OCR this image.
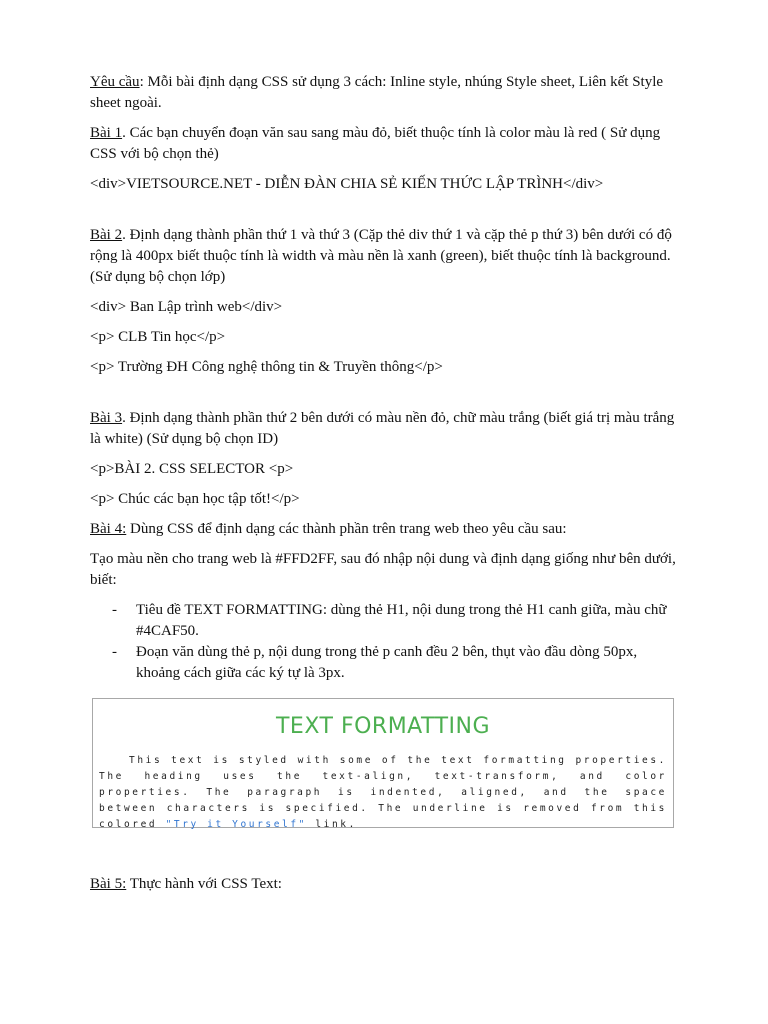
Yêu cầu: Mỗi bài định dạng CSS sử dụng 3 cách: Inline style, nhúng Style sheet, Liên kết Style sheet ngoài.

Bài 1. Các bạn chuyển đoạn văn sau sang màu đỏ, biết thuộc tính là color màu là red ( Sử dụng CSS với bộ chọn thẻ)

<div>VIETSOURCE.NET - DIỄN ĐÀN CHIA SẺ KIẾN THỨC LẬP TRÌNH</div>

Bài 2. Định dạng thành phần thứ 1 và thứ 3 (Cặp thẻ div thứ 1 và cặp thẻ p thứ 3) bên dưới có độ rộng là 400px biết thuộc tính là width và màu nền là xanh (green), biết thuộc tính là background. (Sử dụng bộ chọn lớp)

<div> Ban Lập trình web</div>

<p> CLB Tin học</p>

<p> Trường ĐH Công nghệ thông tin & Truyền thông</p>

Bài 3. Định dạng thành phần thứ 2 bên dưới có màu nền đỏ, chữ màu trắng (biết giá trị màu trắng là white) (Sử dụng bộ chọn ID)

<p>BÀI 2. CSS SELECTOR <p>

<p> Chúc các bạn học tập tốt!</p>

Bài 4: Dùng CSS để định dạng các thành phần trên trang web theo yêu cầu sau:

Tạo màu nền cho trang web là #FFD2FF, sau đó nhập nội dung và định dạng giống như bên dưới, biết:

- Tiêu đề TEXT FORMATTING: dùng thẻ H1, nội dung trong thẻ H1 canh giữa, màu chữ #4CAF50.
- Đoạn văn dùng thẻ p, nội dung trong thẻ p canh đều 2 bên, thụt vào đầu dòng 50px, khoảng cách giữa các ký tự là 3px.
TEXT FORMATTING

This text is styled with some of the text formatting properties. The heading uses the text-align, text-transform, and color properties. The paragraph is indented, aligned, and the space between characters is specified. The underline is removed from this colored "Try it Yourself" link.

Bài 5: Thực hành với CSS Text:
